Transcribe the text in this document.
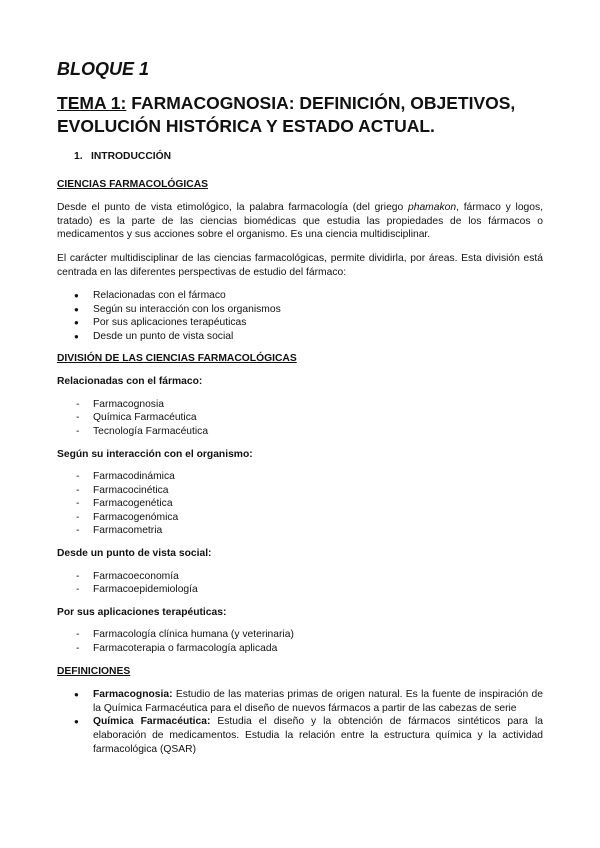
BLOQUE 1
TEMA 1: FARMACOGNOSIA: DEFINICIÓN, OBJETIVOS, EVOLUCIÓN HISTÓRICA Y ESTADO ACTUAL.
1. INTRODUCCIÓN
CIENCIAS FARMACOLÓGICAS

Desde el punto de vista etimológico, la palabra farmacología (del griego phamakon, fármaco y logos, tratado) es la parte de las ciencias biomédicas que estudia las propiedades de los fármacos o medicamentos y sus acciones sobre el organismo. Es una ciencia multidisciplinar.

El carácter multidisciplinar de las ciencias farmacológicas, permite dividirla, por áreas. Esta división está centrada en las diferentes perspectivas de estudio del fármaco:

● Relacionadas con el fármaco
● Según su interacción con los organismos
● Por sus aplicaciones terapéuticas
● Desde un punto de vista social
DIVISIÓN DE LAS CIENCIAS FARMACOLÓGICAS
Relacionadas con el fármaco:
- Farmacognosia
- Química Farmacéutica
- Tecnología Farmacéutica
Según su interacción con el organismo:
- Farmacodinámica
- Farmacocinética
- Farmacogenética
- Farmacogenómica
- Farmacometria
Desde un punto de vista social:
- Farmacoeconomía
- Farmacoepidemiología
Por sus aplicaciones terapéuticas:
- Farmacología clínica humana (y veterinaria)
- Farmacoterapia o farmacología aplicada
DEFINICIONES
● Farmacognosia: Estudio de las materias primas de origen natural. Es la fuente de inspiración de la Química Farmacéutica para el diseño de nuevos fármacos a partir de las cabezas de serie
● Química Farmacéutica: Estudia el diseño y la obtención de fármacos sintéticos para la elaboración de medicamentos. Estudia la relación entre la estructura química y la actividad farmacológica (QSAR)
